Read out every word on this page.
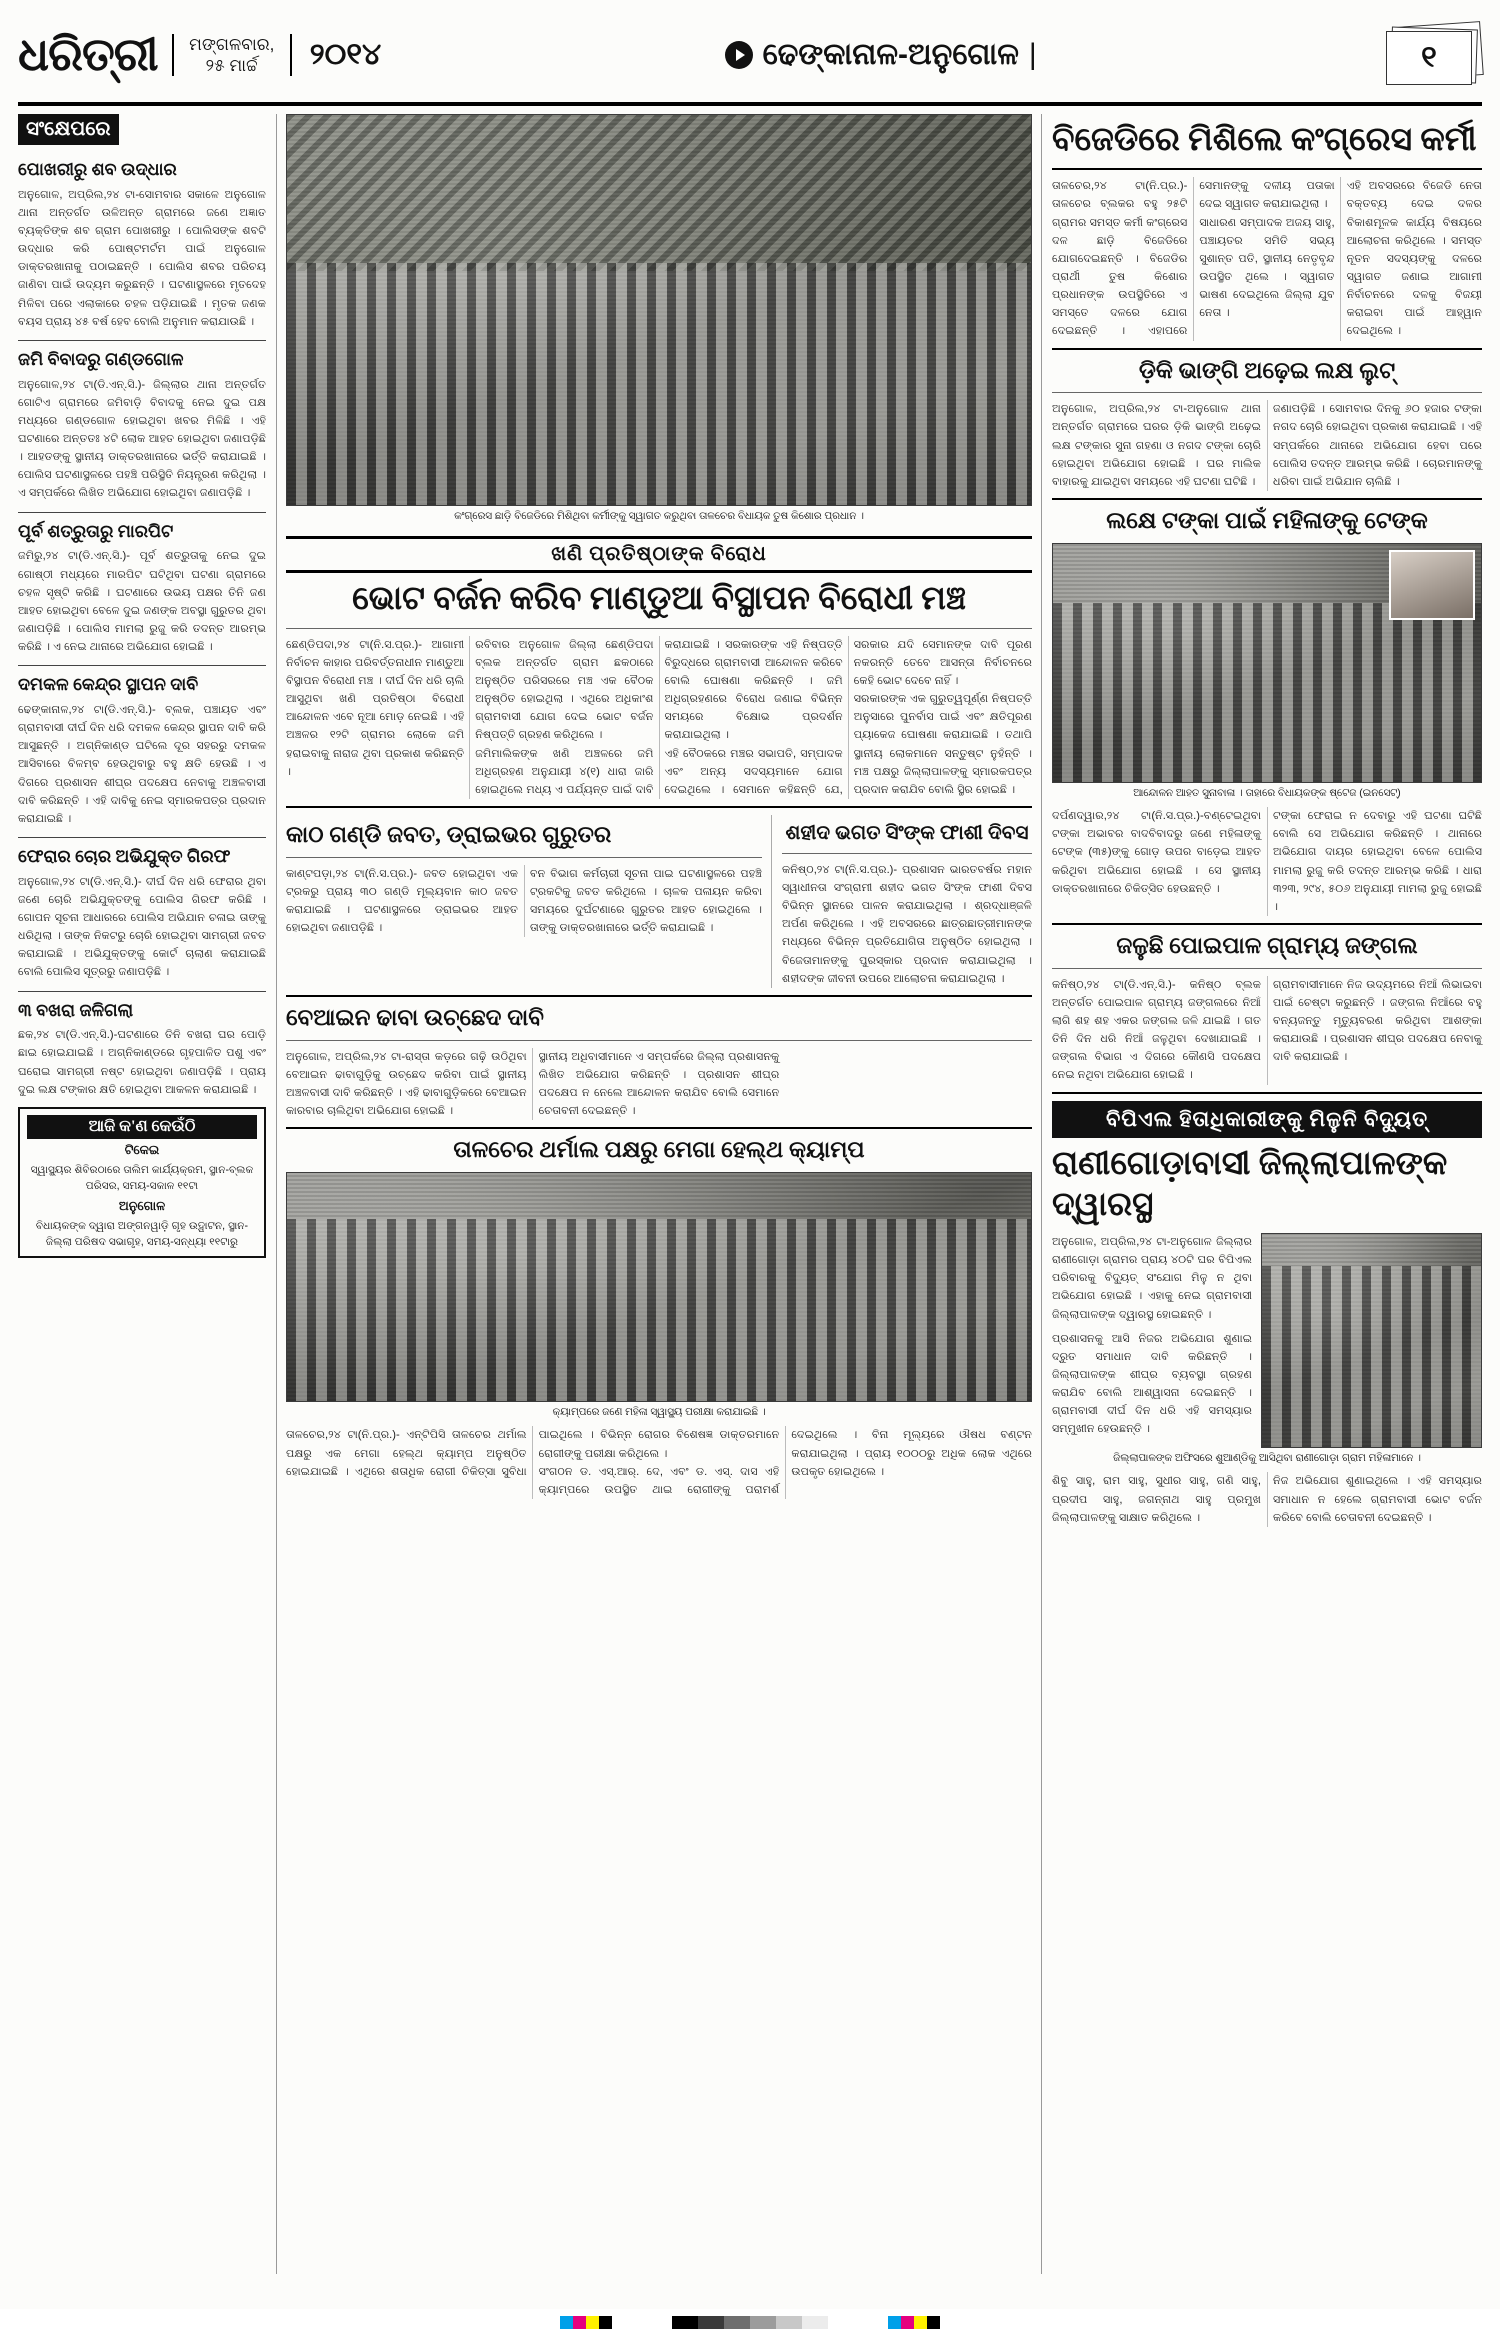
ଧରିତ୍ରୀ	ମଙ୍ଗଳବାର,
୨୫ ମାର୍ଚ୍ଚ	୨୦୧୪	ଢେଙ୍କାନାଳ-ଅନୁଗୋଳ |	୧
ସଂକ୍ଷେପରେ
ପୋଖରୀରୁ ଶବ ଉଦ୍ଧାର
ଅନୁଗୋଳ, ଅପ୍ରିଲ,୨୪ ଟା-ସୋମବାର ସକାଳେ ଅନୁଗୋଳ ଥାନା ଅନ୍ତର୍ଗତ ଉଳିଅନ୍ତ ଗ୍ରାମରେ ଜଣେ ଅଜ୍ଞାତ ବ୍ୟକ୍ତିଙ୍କ ଶବ ଗ୍ରାମ ପୋଖରୀରୁ । ପୋଲିସଙ୍କ ଶବଟି ଉଦ୍ଧାର କରି ପୋଷ୍ଟମର୍ଟମ ପାଇଁ ଅନୁଗୋଳ ଡାକ୍ତରଖାନାକୁ ପଠାଇଛନ୍ତି । ପୋଲିସ ଶବର ପରିଚୟ ଜାଣିବା ପାଇଁ ଉଦ୍ୟମ କରୁଛନ୍ତି । ଘଟଣାସ୍ଥଳରେ ମୃତଦେହ ମିଳିବା ପରେ ଏଲାକାରେ ଚହଳ ପଡ଼ିଯାଇଛି । ମୃତକ ଜଣକ ବୟସ ପ୍ରାୟ ୪୫ ବର୍ଷ ହେବ ବୋଲି ଅନୁମାନ କରାଯାଉଛି ।
ଜମି ବିବାଦରୁ ଗଣ୍ଡଗୋଳ
ଅନୁଗୋଳ,୨୪ ଟା(ଡି.ଏନ୍.ସି.)- ଜିଲ୍ଲାର ଥାନା ଅନ୍ତର୍ଗତ ଗୋଟିଏ ଗ୍ରାମରେ ଜମିବାଡ଼ି ବିବାଦକୁ ନେଇ ଦୁଇ ପକ୍ଷ ମଧ୍ୟରେ ଗଣ୍ଡଗୋଳ ହୋଇଥିବା ଖବର ମିଳିଛି । ଏହି ଘଟଣାରେ ଅନ୍ତତଃ ୪ଟି ଲୋକ ଆହତ ହୋଇଥିବା ଜଣାପଡ଼ିଛି । ଆହତଙ୍କୁ ସ୍ଥାନୀୟ ଡାକ୍ତରଖାନାରେ ଭର୍ତ୍ତି କରାଯାଇଛି । ପୋଲିସ ଘଟଣାସ୍ଥଳରେ ପହଞ୍ଚି ପରିସ୍ଥିତି ନିୟନ୍ତ୍ରଣ କରିଥିଲା । ଏ ସମ୍ପର୍କରେ ଲିଖିତ ଅଭିଯୋଗ ହୋଇଥିବା ଜଣାପଡ଼ିଛି ।
ପୂର୍ବ ଶତ୍ରୁତାରୁ ମାରପିଟ
ଜମିରୁ,୨୪ ଟା(ଡି.ଏନ୍.ସି.)- ପୂର୍ବ ଶତ୍ରୁତାକୁ ନେଇ ଦୁଇ ଗୋଷ୍ଠୀ ମଧ୍ୟରେ ମାରପିଟ ଘଟିଥିବା ଘଟଣା ଗ୍ରାମରେ ଚହଳ ସୃଷ୍ଟି କରିଛି । ଘଟଣାରେ ଉଭୟ ପକ୍ଷର ତିନି ଜଣ ଆହତ ହୋଇଥିବା ବେଳେ ଦୁଇ ଜଣଙ୍କ ଅବସ୍ଥା ଗୁରୁତର ଥିବା ଜଣାପଡ଼ିଛି । ପୋଲିସ ମାମଲା ରୁଜୁ କରି ତଦନ୍ତ ଆରମ୍ଭ କରିଛି । ଏ ନେଇ ଥାନାରେ ଅଭିଯୋଗ ହୋଇଛି ।
ଦମକଳ କେନ୍ଦ୍ର ସ୍ଥାପନ ଦାବି
ଢେଙ୍କାନାଳ,୨୪ ଟା(ଡି.ଏନ୍.ସି.)- ବ୍ଲକ, ପଞ୍ଚାୟତ ଏବଂ ଗ୍ରାମବାସୀ ଦୀର୍ଘ ଦିନ ଧରି ଦମକଳ କେନ୍ଦ୍ର ସ୍ଥାପନ ଦାବି କରି ଆସୁଛନ୍ତି । ଅଗ୍ନିକାଣ୍ଡ ଘଟିଲେ ଦୂର ସହରରୁ ଦମକଳ ଆସିବାରେ ବିଳମ୍ବ ହେଉଥିବାରୁ ବହୁ କ୍ଷତି ହେଉଛି । ଏ ଦିଗରେ ପ୍ରଶାସନ ଶୀଘ୍ର ପଦକ୍ଷେପ ନେବାକୁ ଅଞ୍ଚଳବାସୀ ଦାବି କରିଛନ୍ତି । ଏହି ଦାବିକୁ ନେଇ ସ୍ମାରକପତ୍ର ପ୍ରଦାନ କରାଯାଇଛି ।
ଫେରାର ଚୋର ଅଭିଯୁକ୍ତ ଗିରଫ
ଅନୁଗୋଳ,୨୪ ଟା(ଡି.ଏନ୍.ସି.)- ଦୀର୍ଘ ଦିନ ଧରି ଫେରାର ଥିବା ଜଣେ ଚୋରି ଅଭିଯୁକ୍ତଙ୍କୁ ପୋଲିସ ଗିରଫ କରିଛି । ଗୋପନ ସୂଚନା ଆଧାରରେ ପୋଲିସ ଅଭିଯାନ ଚଳାଇ ତାଙ୍କୁ ଧରିଥିଲା । ତାଙ୍କ ନିକଟରୁ ଚୋରି ହୋଇଥିବା ସାମଗ୍ରୀ ଜବତ କରାଯାଇଛି । ଅଭିଯୁକ୍ତଙ୍କୁ କୋର୍ଟ ଚାଲାଣ କରାଯାଇଛି ବୋଲି ପୋଲିସ ସୂତ୍ରରୁ ଜଣାପଡ଼ିଛି ।
୩ ବଖରା ଜଳିଗଲା
ଛକ,୨୪ ଟା(ଡି.ଏନ୍.ସି.)-ଘଟଣାରେ ତିନି ବଖରା ଘର ପୋଡ଼ି ଛାଇ ହୋଇଯାଇଛି । ଅଗ୍ନିକାଣ୍ଡରେ ଗୃହପାଳିତ ପଶୁ ଏବଂ ଘରୋଇ ସାମଗ୍ରୀ ନଷ୍ଟ ହୋଇଥିବା ଜଣାପଡ଼ିଛି । ପ୍ରାୟ ଦୁଇ ଲକ୍ଷ ଟଙ୍କାର କ୍ଷତି ହୋଇଥିବା ଆକଳନ କରାଯାଇଛି ।
ଆଜି କ'ଣ କେଉଁଠି
ଟିକେଇ
ସ୍ୱାସ୍ଥ୍ୟର ଶିବିରଠାରେ ତାଲିମ କାର୍ଯ୍ୟକ୍ରମ, ସ୍ଥାନ-ବ୍ଲକ ପରିସର, ସମୟ-ସକାଳ ୧୧ଟା
ଅନୁଗୋଳ
ବିଧାୟକଙ୍କ ଦ୍ୱାରା ଅଙ୍ଗନୱାଡ଼ି ଗୃହ ଉଦ୍ଘାଟନ, ସ୍ଥାନ-ଜିଲ୍ଲା ପରିଷଦ ସଭାଗୃହ, ସମୟ-ସନ୍ଧ୍ୟା ୧୧ଟାରୁ
କଂଗ୍ରେସ ଛାଡ଼ି ବିଜେଡିରେ ମିଶିଥିବା କର୍ମୀଙ୍କୁ ସ୍ୱାଗତ କରୁଥିବା ତାଳଚେର ବିଧାୟକ ତୁଷ କିଶୋର ପ୍ରଧାନ ।
ଖଣି ପ୍ରତିଷ୍ଠାଙ୍କ ବିରୋଧ
ଭୋଟ ବର୍ଜନ କରିବ ମାଣ୍ଡୁଆ ବିସ୍ଥାପନ ବିରୋଧୀ ମଞ୍ଚ
ଛେଣ୍ଡିପଦା,୨୪ ଟା(ନି.ସ.ପ୍ର.)- ଆଗାମୀ ନିର୍ବାଚନ କାହାର ପରିବର୍ତ୍ତନାଧୀନ ମାଣ୍ଡୁଆ ବିସ୍ଥାପନ ବିରୋଧୀ ମଞ୍ଚ । ଦୀର୍ଘ ଦିନ ଧରି ଚାଲି ଆସୁଥିବା ଖଣି ପ୍ରତିଷ୍ଠା ବିରୋଧୀ ଆନ୍ଦୋଳନ ଏବେ ନୂଆ ମୋଡ଼ ନେଇଛି । ଏହି ଅଞ୍ଚଳର ୧୨ଟି ଗ୍ରାମର ଲୋକେ ଜମି ହରାଇବାକୁ ନାରାଜ ଥିବା ପ୍ରକାଶ କରିଛନ୍ତି ।
ରବିବାର ଅନୁଗୋଳ ଜିଲ୍ଲା ଛେଣ୍ଡିପଦା ବ୍ଲକ ଅନ୍ତର୍ଗତ ଗ୍ରାମ ଛକଠାରେ ଅନୁଷ୍ଠିତ ପରିସରରେ ମଞ୍ଚ ଏକ ବୈଠକ ଅନୁଷ୍ଠିତ ହୋଇଥିଲା । ଏଥିରେ ଅଧିକାଂଶ ଗ୍ରାମବାସୀ ଯୋଗ ଦେଇ ଭୋଟ ବର୍ଜନ ନିଷ୍ପତ୍ତି ଗ୍ରହଣ କରିଥିଲେ ।
ଜମିମାଲିକଙ୍କ ଖଣି ଅଞ୍ଚଳରେ ଜମି ଅଧିଗ୍ରହଣ ଅନୁଯାୟୀ ୪(୧) ଧାରା ଜାରି ହୋଇଥିଲେ ମଧ୍ୟ ଏ ପର୍ଯ୍ୟନ୍ତ ପାଇଁ ଦାବି କରାଯାଇଛି । ସରକାରଙ୍କ ଏହି ନିଷ୍ପତ୍ତି ବିରୁଦ୍ଧରେ ଗ୍ରାମବାସୀ ଆନ୍ଦୋଳନ କରିବେ ବୋଲି ଘୋଷଣା କରିଛନ୍ତି । ଜମି ଅଧିଗ୍ରହଣରେ ବିରୋଧ ଜଣାଇ ବିଭିନ୍ନ ସମୟରେ ବିକ୍ଷୋଭ ପ୍ରଦର୍ଶନ କରାଯାଇଥିଲା ।
ଏହି ବୈଠକରେ ମଞ୍ଚର ସଭାପତି, ସମ୍ପାଦକ ଏବଂ ଅନ୍ୟ ସଦସ୍ୟମାନେ ଯୋଗ ଦେଇଥିଲେ । ସେମାନେ କହିଛନ୍ତି ଯେ, ସରକାର ଯଦି ସେମାନଙ୍କ ଦାବି ପୂରଣ ନକରନ୍ତି ତେବେ ଆସନ୍ତା ନିର୍ବାଚନରେ କେହି ଭୋଟ ଦେବେ ନାହିଁ ।
ସରକାରଙ୍କ ଏକ ଗୁରୁତ୍ୱପୂର୍ଣ୍ଣ ନିଷ୍ପତ୍ତି ଅନୁସାରେ ପୁନର୍ବାସ ପାଇଁ ଏବଂ କ୍ଷତିପୂରଣ ପ୍ୟାକେଜ ଘୋଷଣା କରାଯାଇଛି । ତଥାପି ସ୍ଥାନୀୟ ଲୋକମାନେ ସନ୍ତୁଷ୍ଟ ନୁହଁନ୍ତି । ମଞ୍ଚ ପକ୍ଷରୁ ଜିଲ୍ଲାପାଳଙ୍କୁ ସ୍ମାରକପତ୍ର ପ୍ରଦାନ କରାଯିବ ବୋଲି ସ୍ଥିର ହୋଇଛି ।
କାଠ ଗଣ୍ଡି ଜବତ, ଡ୍ରାଇଭର ଗୁରୁତର
କାଣ୍ଟପଡ଼ା,୨୪ ଟା(ନି.ସ.ପ୍ର.)- ଜବତ ହୋଇଥିବା ଏକ ଟ୍ରକରୁ ପ୍ରାୟ ୩୦ ଗଣ୍ଡି ମୂଲ୍ୟବାନ କାଠ ଜବତ କରାଯାଇଛି । ଘଟଣାସ୍ଥଳରେ ଡ୍ରାଇଭର ଆହତ ହୋଇଥିବା ଜଣାପଡ଼ିଛି ।
ବନ ବିଭାଗ କର୍ମଚାରୀ ସୂଚନା ପାଇ ଘଟଣାସ୍ଥଳରେ ପହଞ୍ଚି ଟ୍ରକଟିକୁ ଜବତ କରିଥିଲେ । ଚାଳକ ପଳାୟନ କରିବା ସମୟରେ ଦୁର୍ଘଟଣାରେ ଗୁରୁତର ଆହତ ହୋଇଥିଲେ । ତାଙ୍କୁ ଡାକ୍ତରଖାନାରେ ଭର୍ତ୍ତି କରାଯାଇଛି ।
ଶହୀଦ ଭଗତ ସିଂଙ୍କ ଫାଶୀ ଦିବସ
କନିଷ୍ଠ,୨୪ ଟା(ନି.ସ.ପ୍ର.)- ପ୍ରଶାସନ ଭାରତବର୍ଷର ମହାନ ସ୍ୱାଧୀନତା ସଂଗ୍ରାମୀ ଶହୀଦ ଭଗତ ସିଂଙ୍କ ଫାଶୀ ଦିବସ ବିଭିନ୍ନ ସ୍ଥାନରେ ପାଳନ କରାଯାଇଥିଲା । ଶ୍ରଦ୍ଧାଞ୍ଜଳି ଅର୍ପଣ କରିଥିଲେ । ଏହି ଅବସରରେ ଛାତ୍ରଛାତ୍ରୀମାନଙ୍କ ମଧ୍ୟରେ ବିଭିନ୍ନ ପ୍ରତିଯୋଗିତା ଅନୁଷ୍ଠିତ ହୋଇଥିଲା । ବିଜେତାମାନଙ୍କୁ ପୁରସ୍କାର ପ୍ରଦାନ କରାଯାଇଥିଲା । ଶହୀଦଙ୍କ ଜୀବନୀ ଉପରେ ଆଲୋଚନା କରାଯାଇଥିଲା ।
ବେଆଇନ ଢାବା ଉଚ୍ଛେଦ ଦାବି
ଅନୁଗୋଳ, ଅପ୍ରିଲ,୨୪ ଟା-ରାସ୍ତା କଡ଼ରେ ଗଢ଼ି ଉଠିଥିବା ବେଆଇନ ଢାବାଗୁଡ଼ିକୁ ଉଚ୍ଛେଦ କରିବା ପାଇଁ ସ୍ଥାନୀୟ ଅଞ୍ଚଳବାସୀ ଦାବି କରିଛନ୍ତି । ଏହି ଢାବାଗୁଡ଼ିକରେ ବେଆଇନ କାରବାର ଚାଲିଥିବା ଅଭିଯୋଗ ହୋଇଛି ।
ସ୍ଥାନୀୟ ଅଧିବାସୀମାନେ ଏ ସମ୍ପର୍କରେ ଜିଲ୍ଲା ପ୍ରଶାସନକୁ ଲିଖିତ ଅଭିଯୋଗ କରିଛନ୍ତି । ପ୍ରଶାସନ ଶୀଘ୍ର ପଦକ୍ଷେପ ନ ନେଲେ ଆନ୍ଦୋଳନ କରାଯିବ ବୋଲି ସେମାନେ ଚେତାବନୀ ଦେଇଛନ୍ତି ।
ତାଳଚେର ଥର୍ମାଲ ପକ୍ଷରୁ ମେଗା ହେଲ୍ଥ କ୍ୟାମ୍ପ
କ୍ୟାମ୍ପରେ ଜଣେ ମହିଳା ସ୍ୱାସ୍ଥ୍ୟ ପରୀକ୍ଷା କରାଯାଇଛି ।
ତାଳଚେର,୨୪ ଟା(ନି.ପ୍ର.)- ଏନ୍‌ଟିପିସି ତାଳଚେର ଥର୍ମାଲ ପକ୍ଷରୁ ଏକ ମେଗା ହେଲ୍ଥ କ୍ୟାମ୍ପ ଅନୁଷ୍ଠିତ ହୋଇଯାଇଛି । ଏଥିରେ ଶତାଧିକ ରୋଗୀ ଚିକିତ୍ସା ସୁବିଧା ପାଇଥିଲେ । ବିଭିନ୍ନ ରୋଗର ବିଶେଷଜ୍ଞ ଡାକ୍ତରମାନେ ରୋଗୀଙ୍କୁ ପରୀକ୍ଷା କରିଥିଲେ ।
ସଂଗଠନ ଡ. ଏସ୍.ଆର୍. ଦେ, ଏବଂ ଡ. ଏସ୍. ଦାସ ଏହି କ୍ୟାମ୍ପରେ ଉପସ୍ଥିତ ଥାଇ ରୋଗୀଙ୍କୁ ପରାମର୍ଶ ଦେଇଥିଲେ । ବିନା ମୂଲ୍ୟରେ ଔଷଧ ବଣ୍ଟନ କରାଯାଇଥିଲା । ପ୍ରାୟ ୧୦୦୦ରୁ ଅଧିକ ଲୋକ ଏଥିରେ ଉପକୃତ ହୋଇଥିଲେ ।
ବିଜେଡିରେ ମିଶିଲେ କଂଗ୍ରେସ କର୍ମୀ
ତାଳଚେର,୨୪ ଟା(ନି.ପ୍ର.)-ତାଳଚେର ବ୍ଲକର ବହୁ ୨୫ଟି ଗ୍ରାମର ସମସ୍ତ କର୍ମୀ କଂଗ୍ରେସ ଦଳ ଛାଡ଼ି ବିଜେଡିରେ ଯୋଗଦେଇଛନ୍ତି । ବିଜେଡିର ପ୍ରାର୍ଥୀ ତୁଷ କିଶୋର ପ୍ରଧାନଙ୍କ ଉପସ୍ଥିତିରେ ଏ ସମସ୍ତେ ଦଳରେ ଯୋଗ ଦେଇଛନ୍ତି । ଏହାପରେ ସେମାନଙ୍କୁ ଦଳୀୟ ପତାକା ଦେଇ ସ୍ୱାଗତ କରାଯାଇଥିଲା ।
ସାଧାରଣ ସମ୍ପାଦକ ଅଜୟ ସାହୁ, ପଞ୍ଚାୟତର ସମିତି ସଭ୍ୟ ସୁଶାନ୍ତ ପତି, ସ୍ଥାନୀୟ ନେତୃବୃନ୍ଦ ଉପସ୍ଥିତ ଥିଲେ । ସ୍ୱାଗତ ଭାଷଣ ଦେଇଥିଲେ ଜିଲ୍ଲା ଯୁବ ନେତା ।
ଏହି ଅବସରରେ ବିଜେଡି ନେତା ବକ୍ତବ୍ୟ ଦେଇ ଦଳର ବିକାଶମୂଳକ କାର୍ଯ୍ୟ ବିଷୟରେ ଆଲୋଚନା କରିଥିଲେ । ସମସ୍ତ ନୂତନ ସଦସ୍ୟଙ୍କୁ ଦଳରେ ସ୍ୱାଗତ ଜଣାଇ ଆଗାମୀ ନିର୍ବାଚନରେ ଦଳକୁ ବିଜୟୀ କରାଇବା ପାଇଁ ଆହ୍ୱାନ ଦେଇଥିଲେ ।
ଡ଼ିକି ଭାଙ୍ଗି ଅଢ଼େଇ ଲକ୍ଷ ଲୁଟ୍
ଅନୁଗୋଳ, ଅପ୍ରିଲ,୨୪ ଟା-ଅନୁଗୋଳ ଥାନା ଅନ୍ତର୍ଗତ ଗ୍ରାମରେ ଘରର ଡ଼ିକି ଭାଙ୍ଗି ଅଢ଼େଇ ଲକ୍ଷ ଟଙ୍କାର ସୁନା ଗହଣା ଓ ନଗଦ ଟଙ୍କା ଚୋରି ହୋଇଥିବା ଅଭିଯୋଗ ହୋଇଛି । ଘର ମାଲିକ ବାହାରକୁ ଯାଇଥିବା ସମୟରେ ଏହି ଘଟଣା ଘଟିଛି ।
ଜଣାପଡ଼ିଛି । ସୋମବାର ଦିନକୁ ୬୦ ହଜାର ଟଙ୍କା ନଗଦ ଚୋରି ହୋଇଥିବା ପ୍ରକାଶ କରାଯାଇଛି । ଏହି ସମ୍ପର୍କରେ ଥାନାରେ ଅଭିଯୋଗ ହେବା ପରେ ପୋଲିସ ତଦନ୍ତ ଆରମ୍ଭ କରିଛି । ଚୋରମାନଙ୍କୁ ଧରିବା ପାଇଁ ଅଭିଯାନ ଚାଲିଛି ।
ଲକ୍ଷେ ଟଙ୍କା ପାଇଁ ମହିଳାଙ୍କୁ ଟେଙ୍କ
ଆନ୍ଦୋଳନ ଆହତ ସୁନାବାଳା । ତାହାରେ ବିଧାୟକଙ୍କ ଷ୍ଟେଜ (ଇନସେଟ୍)
ଦର୍ପଣଦ୍ୱାର,୨୪ ଟା(ନି.ସ.ପ୍ର.)-ବଣ୍ଟେଇଥିବା ଟଙ୍କା ଅଭାବର ବାଦବିବାଦରୁ ଜଣେ ମହିଳାଙ୍କୁ ଟେଙ୍କ (୩୫)ଙ୍କୁ ଗୋଡ଼ ଉପର ବାଡ଼େଇ ଆହତ କରିଥିବା ଅଭିଯୋଗ ହୋଇଛି । ସେ ସ୍ଥାନୀୟ ଡାକ୍ତରଖାନାରେ ଚିକିତ୍ସିତ ହେଉଛନ୍ତି ।
ଟଙ୍କା ଫେରାଇ ନ ଦେବାରୁ ଏହି ଘଟଣା ଘଟିଛି ବୋଲି ସେ ଅଭିଯୋଗ କରିଛନ୍ତି । ଥାନାରେ ଅଭିଯୋଗ ଦାୟର ହୋଇଥିବା ବେଳେ ପୋଲିସ ମାମଲା ରୁଜୁ କରି ତଦନ୍ତ ଆରମ୍ଭ କରିଛି । ଧାରା ୩୨୩, ୨୯୪, ୫୦୬ ଅନୁଯାୟୀ ମାମଲା ରୁଜୁ ହୋଇଛି ।
ଜଳୁଛି ପୋଇପାଳ ଗ୍ରାମ୍ୟ ଜଙ୍ଗଲ
କନିଷ୍ଠ,୨୪ ଟା(ଡି.ଏନ୍.ସି.)- କନିଷ୍ଠ ବ୍ଲକ ଅନ୍ତର୍ଗତ ପୋଇପାଳ ଗ୍ରାମ୍ୟ ଜଙ୍ଗଲରେ ନିଆଁ ଲାଗି ଶହ ଶହ ଏକର ଜଙ୍ଗଲ ଜଳି ଯାଇଛି । ଗତ ତିନି ଦିନ ଧରି ନିଆଁ ଜଳୁଥିବା ଦେଖାଯାଇଛି । ଜଙ୍ଗଲ ବିଭାଗ ଏ ଦିଗରେ କୌଣସି ପଦକ୍ଷେପ ନେଇ ନଥିବା ଅଭିଯୋଗ ହୋଇଛି ।
ଗ୍ରାମବାସୀମାନେ ନିଜ ଉଦ୍ୟମରେ ନିଆଁ ଲିଭାଇବା ପାଇଁ ଚେଷ୍ଟା କରୁଛନ୍ତି । ଜଙ୍ଗଲ ନିଆଁରେ ବହୁ ବନ୍ୟଜନ୍ତୁ ମୃତ୍ୟୁବରଣ କରିଥିବା ଆଶଙ୍କା କରାଯାଉଛି । ପ୍ରଶାସନ ଶୀଘ୍ର ପଦକ୍ଷେପ ନେବାକୁ ଦାବି କରାଯାଇଛି ।
ବିପିଏଲ ହିତାଧିକାରୀଙ୍କୁ ମିଳୁନି ବିଦ୍ୟୁତ୍
ରାଣୀଗୋଡ଼ାବାସୀ ଜିଲ୍ଲାପାଳଙ୍କ ଦ୍ୱାରସ୍ଥ
ଅନୁଗୋଳ, ଅପ୍ରିଲ,୨୪ ଟା-ଅନୁଗୋଳ ଜିଲ୍ଲାର ରାଣୀଗୋଡ଼ା ଗ୍ରାମର ପ୍ରାୟ ୪୦ଟି ଘର ବିପିଏଲ ପରିବାରକୁ ବିଦ୍ୟୁତ୍ ସଂଯୋଗ ମିଳୁ ନ ଥିବା ଅଭିଯୋଗ ହୋଇଛି । ଏହାକୁ ନେଇ ଗ୍ରାମବାସୀ ଜିଲ୍ଲାପାଳଙ୍କ ଦ୍ୱାରସ୍ଥ ହୋଇଛନ୍ତି ।
ପ୍ରଶାସନକୁ ଆସି ନିଜର ଅଭିଯୋଗ ଶୁଣାଇ ଦ୍ରୁତ ସମାଧାନ ଦାବି କରିଛନ୍ତି । ଜିଲ୍ଲାପାଳଙ୍କ ଶୀଘ୍ର ବ୍ୟବସ୍ଥା ଗ୍ରହଣ କରାଯିବ ବୋଲି ଆଶ୍ୱାସନା ଦେଇଛନ୍ତି । ଗ୍ରାମବାସୀ ଦୀର୍ଘ ଦିନ ଧରି ଏହି ସମସ୍ୟାର ସମ୍ମୁଖୀନ ହେଉଛନ୍ତି ।
ଜିଲ୍ଲାପାଳଙ୍କ ଅଫିସରେ ଶୁଆଣ୍ଡିକୁ ଆସିଥିବା ରାଣୀଗୋଡ଼ା ଗ୍ରାମ ମହିଳାମାନେ ।
ଶିବୁ ସାହୁ, ରାମ ସାହୁ, ସୁଧୀର ସାହୁ, ଗଣି ସାହୁ, ପ୍ରଦୀପ ସାହୁ, ଜଗନ୍ନାଥ ସାହୁ ପ୍ରମୁଖ ଜିଲ୍ଲାପାଳଙ୍କୁ ସାକ୍ଷାତ କରିଥିଲେ ।
ନିଜ ଅଭିଯୋଗ ଶୁଣାଇଥିଲେ । ଏହି ସମସ୍ୟାର ସମାଧାନ ନ ହେଲେ ଗ୍ରାମବାସୀ ଭୋଟ ବର୍ଜନ କରିବେ ବୋଲି ଚେତାବନୀ ଦେଇଛନ୍ତି ।
